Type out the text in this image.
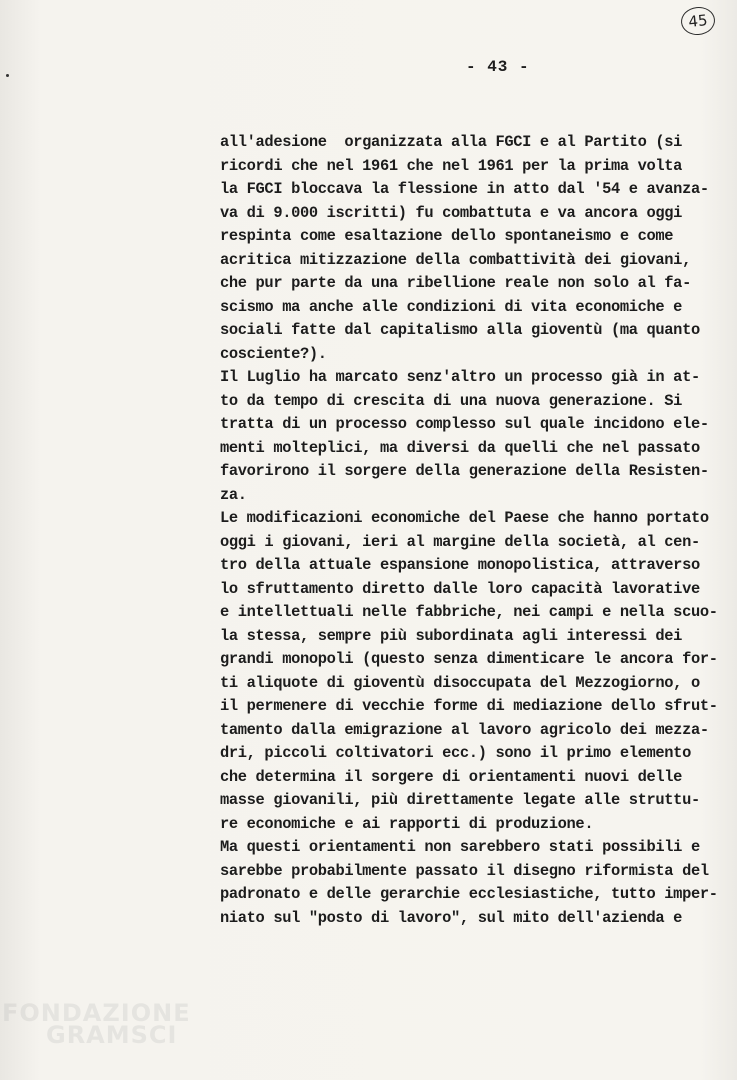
45
- 43 -
all'adesione  organizzata alla FGCI e al Partito (si
ricordi che nel 1961 che nel 1961 per la prima volta
la FGCI bloccava la flessione in atto dal '54 e avanza-
va di 9.000 iscritti) fu combattuta e va ancora oggi
respinta come esaltazione dello spontaneismo e come
acritica mitizzazione della combattività dei giovani,
che pur parte da una ribellione reale non solo al fa-
scismo ma anche alle condizioni di vita economiche e
sociali fatte dal capitalismo alla gioventù (ma quanto
cosciente?).
Il Luglio ha marcato senz'altro un processo già in at-
to da tempo di crescita di una nuova generazione. Si
tratta di un processo complesso sul quale incidono ele-
menti molteplici, ma diversi da quelli che nel passato
favorirono il sorgere della generazione della Resisten-
za.
Le modificazioni economiche del Paese che hanno portato
oggi i giovani, ieri al margine della società, al cen-
tro della attuale espansione monopolistica, attraverso
lo sfruttamento diretto dalle loro capacità lavorative
e intellettuali nelle fabbriche, nei campi e nella scuo-
la stessa, sempre più subordinata agli interessi dei
grandi monopoli (questo senza dimenticare le ancora for-
ti aliquote di gioventù disoccupata del Mezzogiorno, o
il permenere di vecchie forme di mediazione dello sfrut-
tamento dalla emigrazione al lavoro agricolo dei mezza-
dri, piccoli coltivatori ecc.) sono il primo elemento
che determina il sorgere di orientamenti nuovi delle
masse giovanili, più direttamente legate alle struttu-
re economiche e ai rapporti di produzione.
Ma questi orientamenti non sarebbero stati possibili e
sarebbe probabilmente passato il disegno riformista del
padronato e delle gerarchie ecclesiastiche, tutto imper-
niato sul "posto di lavoro", sul mito dell'azienda e
FONDAZIONE
GRAMSCI
